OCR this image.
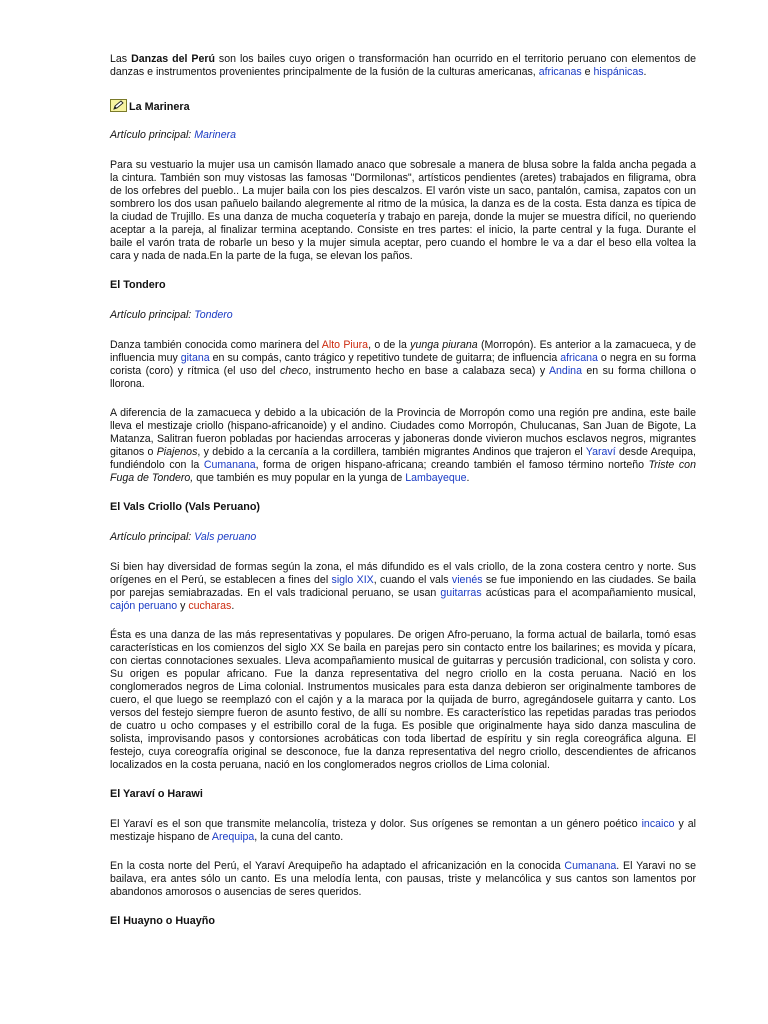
Las Danzas del Perú son los bailes cuyo origen o transformación han ocurrido en el territorio peruano con elementos de danzas e instrumentos provenientes principalmente de la fusión de la culturas americanas, africanas e hispánicas.

La Marinera

Artículo principal: Marinera

Para su vestuario la mujer usa un camisón llamado anaco que sobresale a manera de blusa sobre la falda ancha pegada a la cintura. También son muy vistosas las famosas "Dormilonas", artísticos pendientes (aretes) trabajados en filigrama, obra de los orfebres del pueblo.. La mujer baila con los pies descalzos. El varón viste un saco, pantalón, camisa, zapatos con un sombrero los dos usan pañuelo bailando alegremente al ritmo de la música, la danza es de la costa. Esta danza es típica de la ciudad de Trujillo. Es una danza de mucha coquetería y trabajo en pareja, donde la mujer se muestra difícil, no queriendo aceptar a la pareja, al finalizar termina aceptando. Consiste en tres partes: el inicio, la parte central y la fuga. Durante el baile el varón trata de robarle un beso y la mujer simula aceptar, pero cuando el hombre le va a dar el beso ella voltea la cara y nada de nada.En la parte de la fuga, se elevan los paños.

El Tondero

Artículo principal: Tondero

Danza también conocida como marinera del Alto Piura, o de la yunga piurana (Morropón). Es anterior a la zamacueca, y de influencia muy gitana en su compás, canto trágico y repetitivo tundete de guitarra; de influencia africana o negra en su forma corista (coro) y rítmica (el uso del checo, instrumento hecho en base a calabaza seca) y Andina en su forma chillona o llorona.

A diferencia de la zamacueca y debido a la ubicación de la Provincia de Morropón como una región pre andina, este baile lleva el mestizaje criollo (hispano-africanoide) y el andino. Ciudades como Morropón, Chulucanas, San Juan de Bigote, La Matanza, Salitran fueron pobladas por haciendas arroceras y jaboneras donde vivieron muchos esclavos negros, migrantes gitanos o Piajenos, y debido a la cercanía a la cordillera, también migrantes Andinos que trajeron el Yaraví desde Arequipa, fundiéndolo con la Cumanana, forma de origen hispano-africana; creando también el famoso término norteño Triste con Fuga de Tondero, que también es muy popular en la yunga de Lambayeque.

El Vals Criollo (Vals Peruano)

Artículo principal: Vals peruano

Si bien hay diversidad de formas según la zona, el más difundido es el vals criollo, de la zona costera centro y norte. Sus orígenes en el Perú, se establecen a fines del siglo XIX, cuando el vals vienés se fue imponiendo en las ciudades. Se baila por parejas semiabrazadas. En el vals tradicional peruano, se usan guitarras acústicas para el acompañamiento musical, cajón peruano y cucharas.

Ésta es una danza de las más representativas y populares. De origen Afro-peruano, la forma actual de bailarla, tomó esas características en los comienzos del siglo XX Se baila en parejas pero sin contacto entre los bailarines; es movida y pícara, con ciertas connotaciones sexuales. Lleva acompañamiento musical de guitarras y percusión tradicional, con solista y coro. Su origen es popular africano. Fue la danza representativa del negro criollo en la costa peruana. Nació en los conglomerados negros de Lima colonial. Instrumentos musicales para esta danza debieron ser originalmente tambores de cuero, el que luego se reemplazó con el cajón y a la maraca por la quijada de burro, agregándosele guitarra y canto. Los versos del festejo siempre fueron de asunto festivo, de allí su nombre. Es característico las repetidas paradas tras periodos de cuatro u ocho compases y el estribillo coral de la fuga. Es posible que originalmente haya sido danza masculina de solista, improvisando pasos y contorsiones acrobáticas con toda libertad de espíritu y sin regla coreográfica alguna. El festejo, cuya coreografía original se desconoce, fue la danza representativa del negro criollo, descendientes de africanos localizados en la costa peruana, nació en los conglomerados negros criollos de Lima colonial.

El Yaraví o Harawi

El Yaraví es el son que transmite melancolía, tristeza y dolor. Sus orígenes se remontan a un género poético incaico y al mestizaje hispano de Arequipa, la cuna del canto.

En la costa norte del Perú, el Yaraví Arequipeño ha adaptado el africanización en la conocida Cumanana. El Yaravi no se bailava, era antes sólo un canto. Es una melodía lenta, con pausas, triste y melancólica y sus cantos son lamentos por abandonos amorosos o ausencias de seres queridos.

El Huayno o Huayño
